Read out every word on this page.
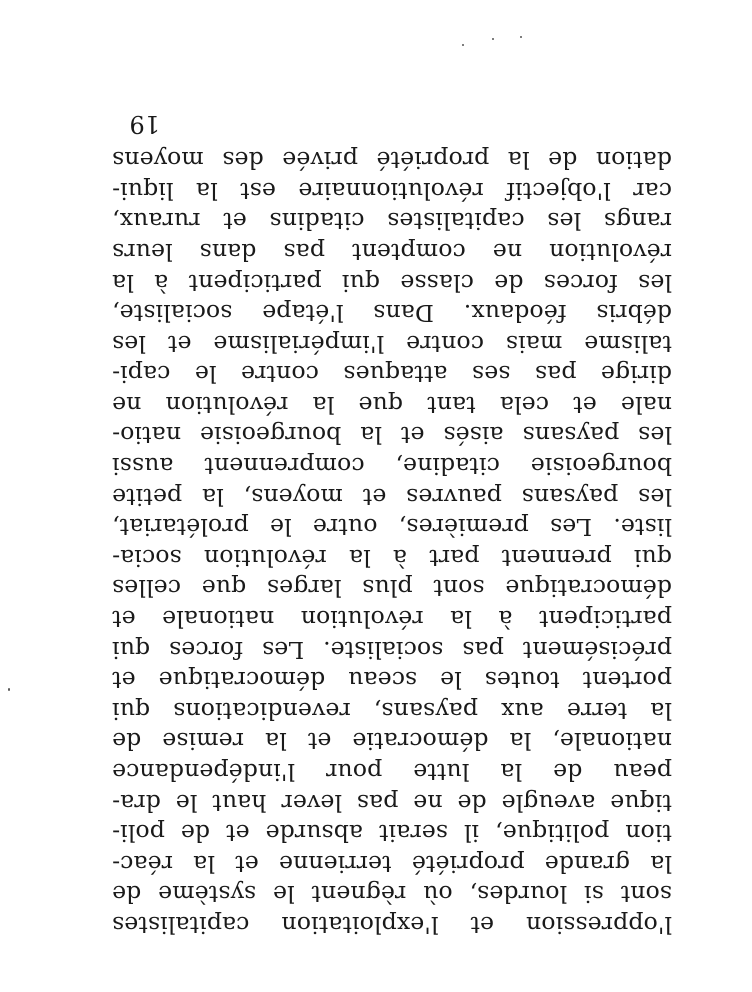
l'oppression et l'exploitation capitalistes
sont si lourdes, où règnent le système de
la grande propriété terrienne et la réac-
tion politique, il serait absurde et de poli-
tique aveugle de ne pas lever haut le dra-
peau de la lutte pour l'indépendance
nationale, la démocratie et la remise de
la terre aux paysans, revendications qui
portent toutes le sceau démocratique et
précisément pas socialiste. Les forces qui
participent à la révolution nationale et
démocratique sont plus larges que celles
qui prennent part à la révolution socia-
liste. Les premières, outre le prolétariat,
les paysans pauvres et moyens, la petite
bourgeoisie citadine, comprennent aussi
les paysans aisés et la bourgeoisie natio-
nale et cela tant que la révolution ne
dirige pas ses attaques contre le capi-
talisme mais contre l'impérialisme et les
débris féodaux. Dans l'étape socialiste,
les forces de classe qui participent à la
révolution ne comptent pas dans leurs
rangs les capitalistes citadins et ruraux,
car l'objectif révolutionnaire est la liqui-
dation de la propriété privée des moyens
19
